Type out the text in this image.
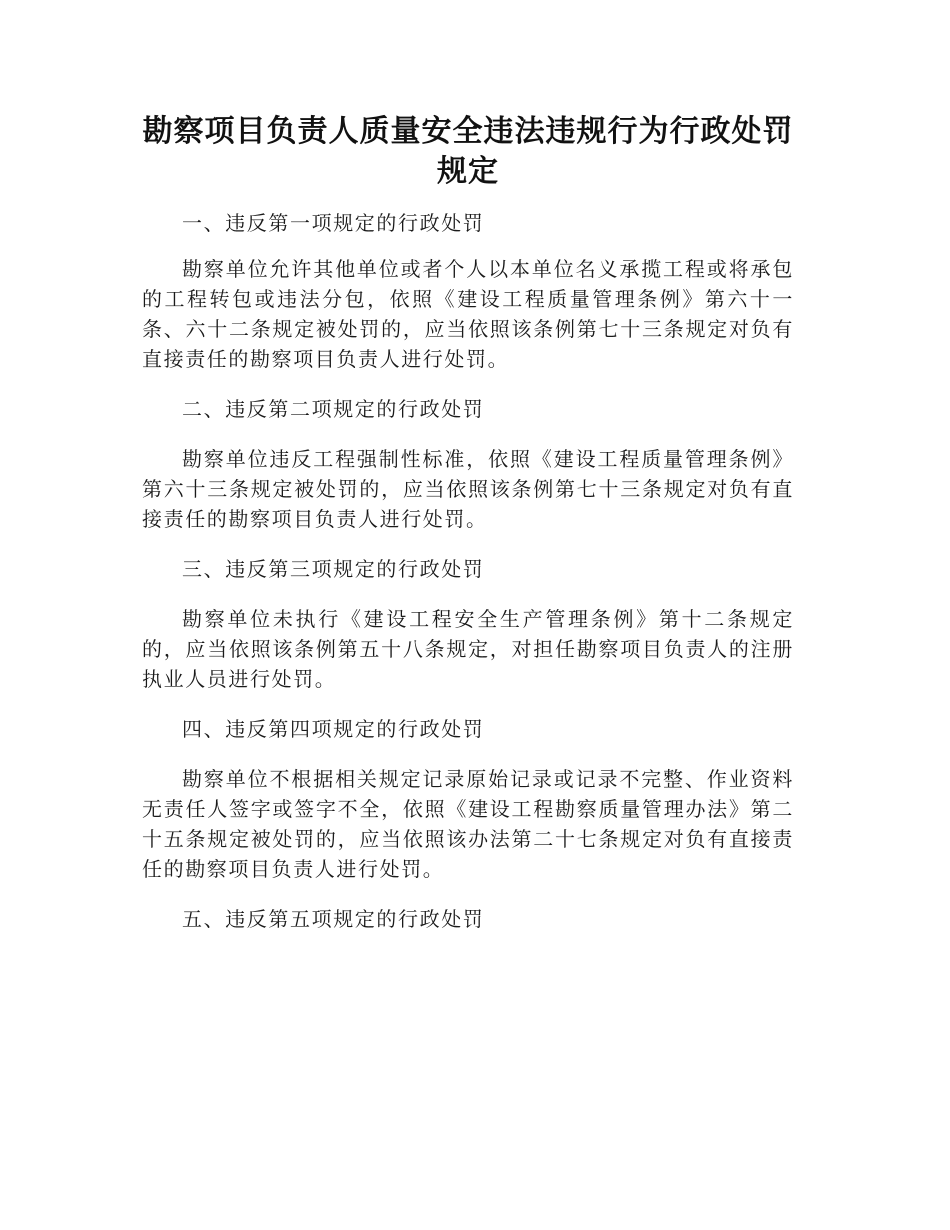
勘察项目负责人质量安全违法违规行为行政处罚
规定

一、违反第一项规定的行政处罚

勘察单位允许其他单位或者个人以本单位名义承揽工程或将承包的工程转包或违法分包，依照《建设工程质量管理条例》第六十一条、六十二条规定被处罚的，应当依照该条例第七十三条规定对负有直接责任的勘察项目负责人进行处罚。

二、违反第二项规定的行政处罚

勘察单位违反工程强制性标准，依照《建设工程质量管理条例》第六十三条规定被处罚的，应当依照该条例第七十三条规定对负有直接责任的勘察项目负责人进行处罚。

三、违反第三项规定的行政处罚

勘察单位未执行《建设工程安全生产管理条例》第十二条规定的，应当依照该条例第五十八条规定，对担任勘察项目负责人的注册执业人员进行处罚。

四、违反第四项规定的行政处罚

勘察单位不根据相关规定记录原始记录或记录不完整、作业资料无责任人签字或签字不全，依照《建设工程勘察质量管理办法》第二十五条规定被处罚的，应当依照该办法第二十七条规定对负有直接责任的勘察项目负责人进行处罚。

五、违反第五项规定的行政处罚
